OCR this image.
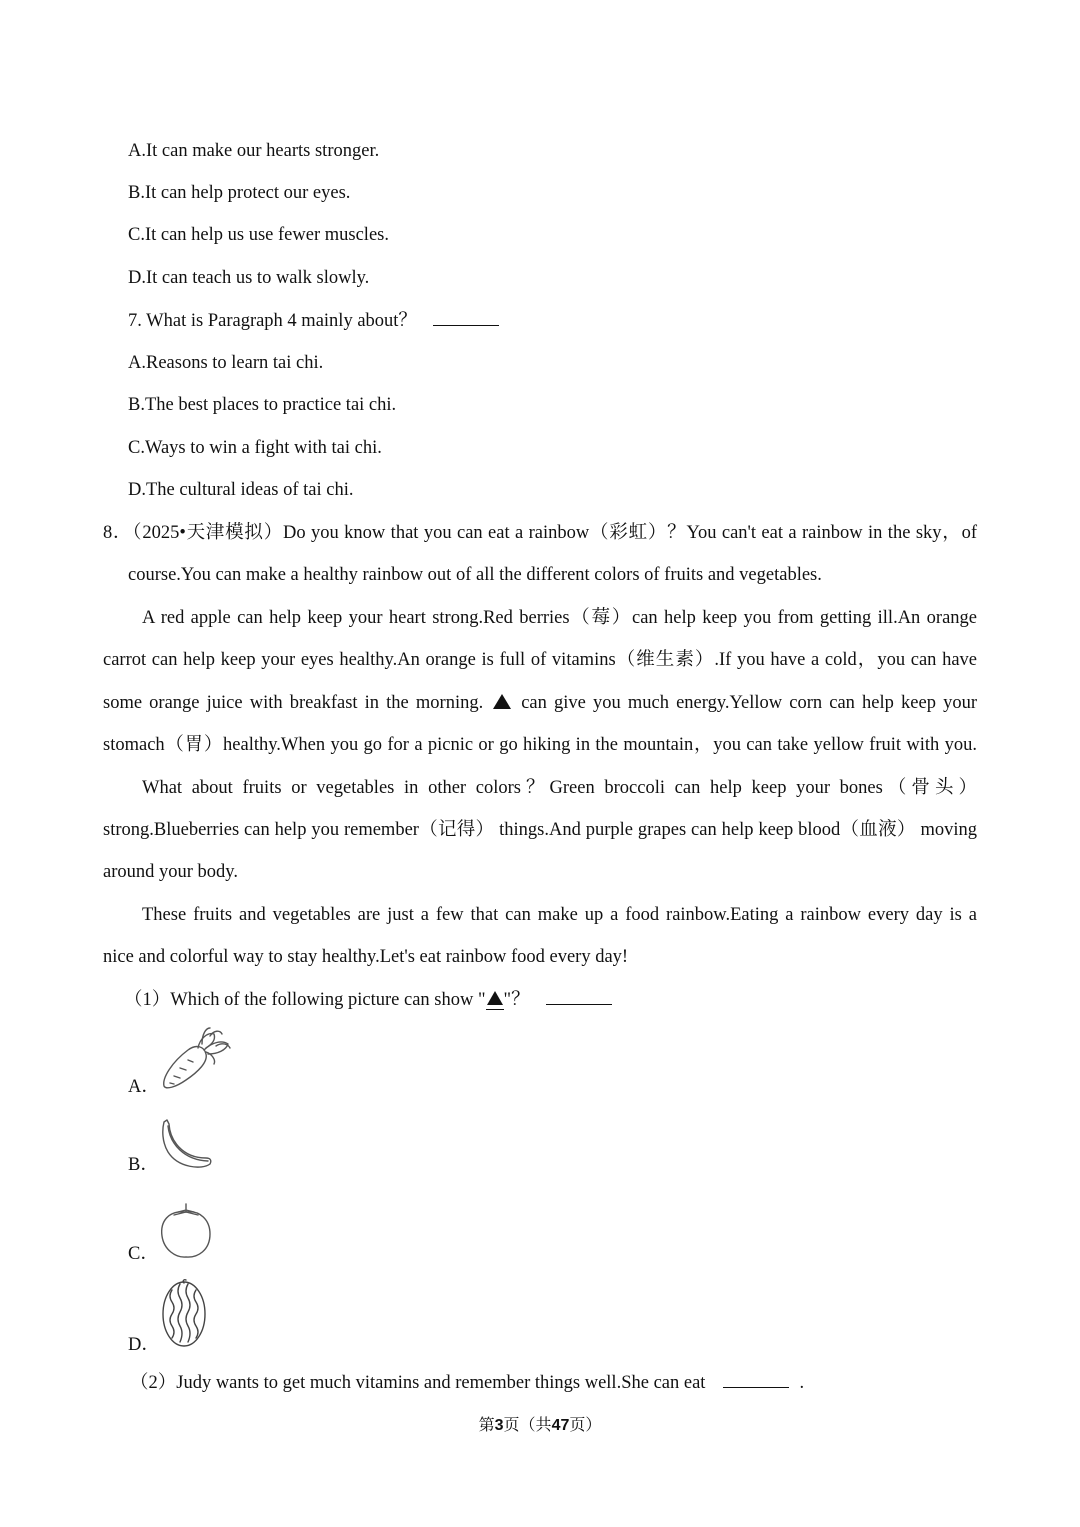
A.It can make our hearts stronger.
B.It can help protect our eyes.
C.It can help us use fewer muscles.
D.It can teach us to walk slowly.
7. What is Paragraph 4 mainly about？
A.Reasons to learn tai chi.
B.The best places to practice tai chi.
C.Ways to win a fight with tai chi.
D.The cultural ideas of tai chi.
8．（2025•天津模拟）Do you know that you can eat a rainbow（彩虹）？You can't eat a rainbow in the sky，of
course.You can make a healthy rainbow out of all the different colors of fruits and vegetables.
A red apple can help keep your heart strong.Red berries（莓）can help keep you from getting ill.An orange
carrot can help keep your eyes healthy.An orange is full of vitamins（维生素）.If you have a cold，you can have
some orange juice with breakfast in the morning. can give you much energy.Yellow corn can help keep your
stomach（胃）healthy.When you go for a picnic or go hiking in the mountain，you can take yellow fruit with you.
What about fruits or vegetables in other colors？Green broccoli can help keep your bones（骨头）
strong.Blueberries can help you remember（记得） things.And purple grapes can help keep blood（血液） moving
around your body.
These fruits and vegetables are just a few that can make up a food rainbow.Eating a rainbow every day is a
nice and colorful way to stay healthy.Let's eat rainbow food every day!
（1）Which of the following picture can show " "？
A．
B．
C．
D．
（2）Judy wants to get much vitamins and remember things well.She can eat	.
第3页（共47页）
